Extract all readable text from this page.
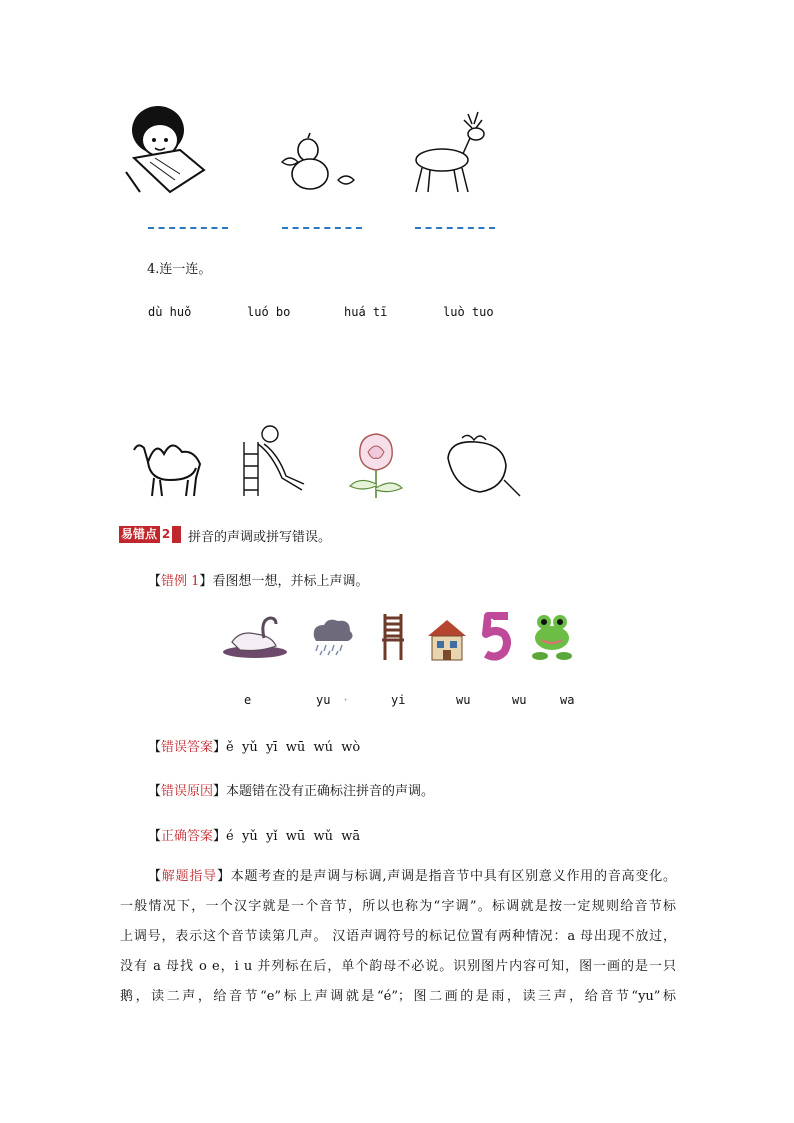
4.连一连。
dù huǒ	luó bo	huá tī	luò tuo
易错点 2	拼音的声调或拼写错误。
【错例 1】看图想一想，并标上声调。
e	yu ·	yi	wu	wu	wa
【错误答案】ě  yǔ  yī  wū  wú  wò
【错误原因】本题错在没有正确标注拼音的声调。
【正确答案】é  yǔ  yǐ  wū  wǔ  wā

【解题指导】本题考查的是声调与标调,声调是指音节中具有区别意义作用的音高变化。

一般情况下，一个汉字就是一个音节，所以也称为“字调”。标调就是按一定规则给音节标

上调号，表示这个音节读第几声。 汉语声调符号的标记位置有两种情况：a 母出现不放过，

没有 a 母找 o e，i u 并列标在后，单个韵母不必说。识别图片内容可知，图一画的是一只

鹅，读二声，给音节“e”标上声调就是“é”；图二画的是雨，读三声，给音节“yu”标
